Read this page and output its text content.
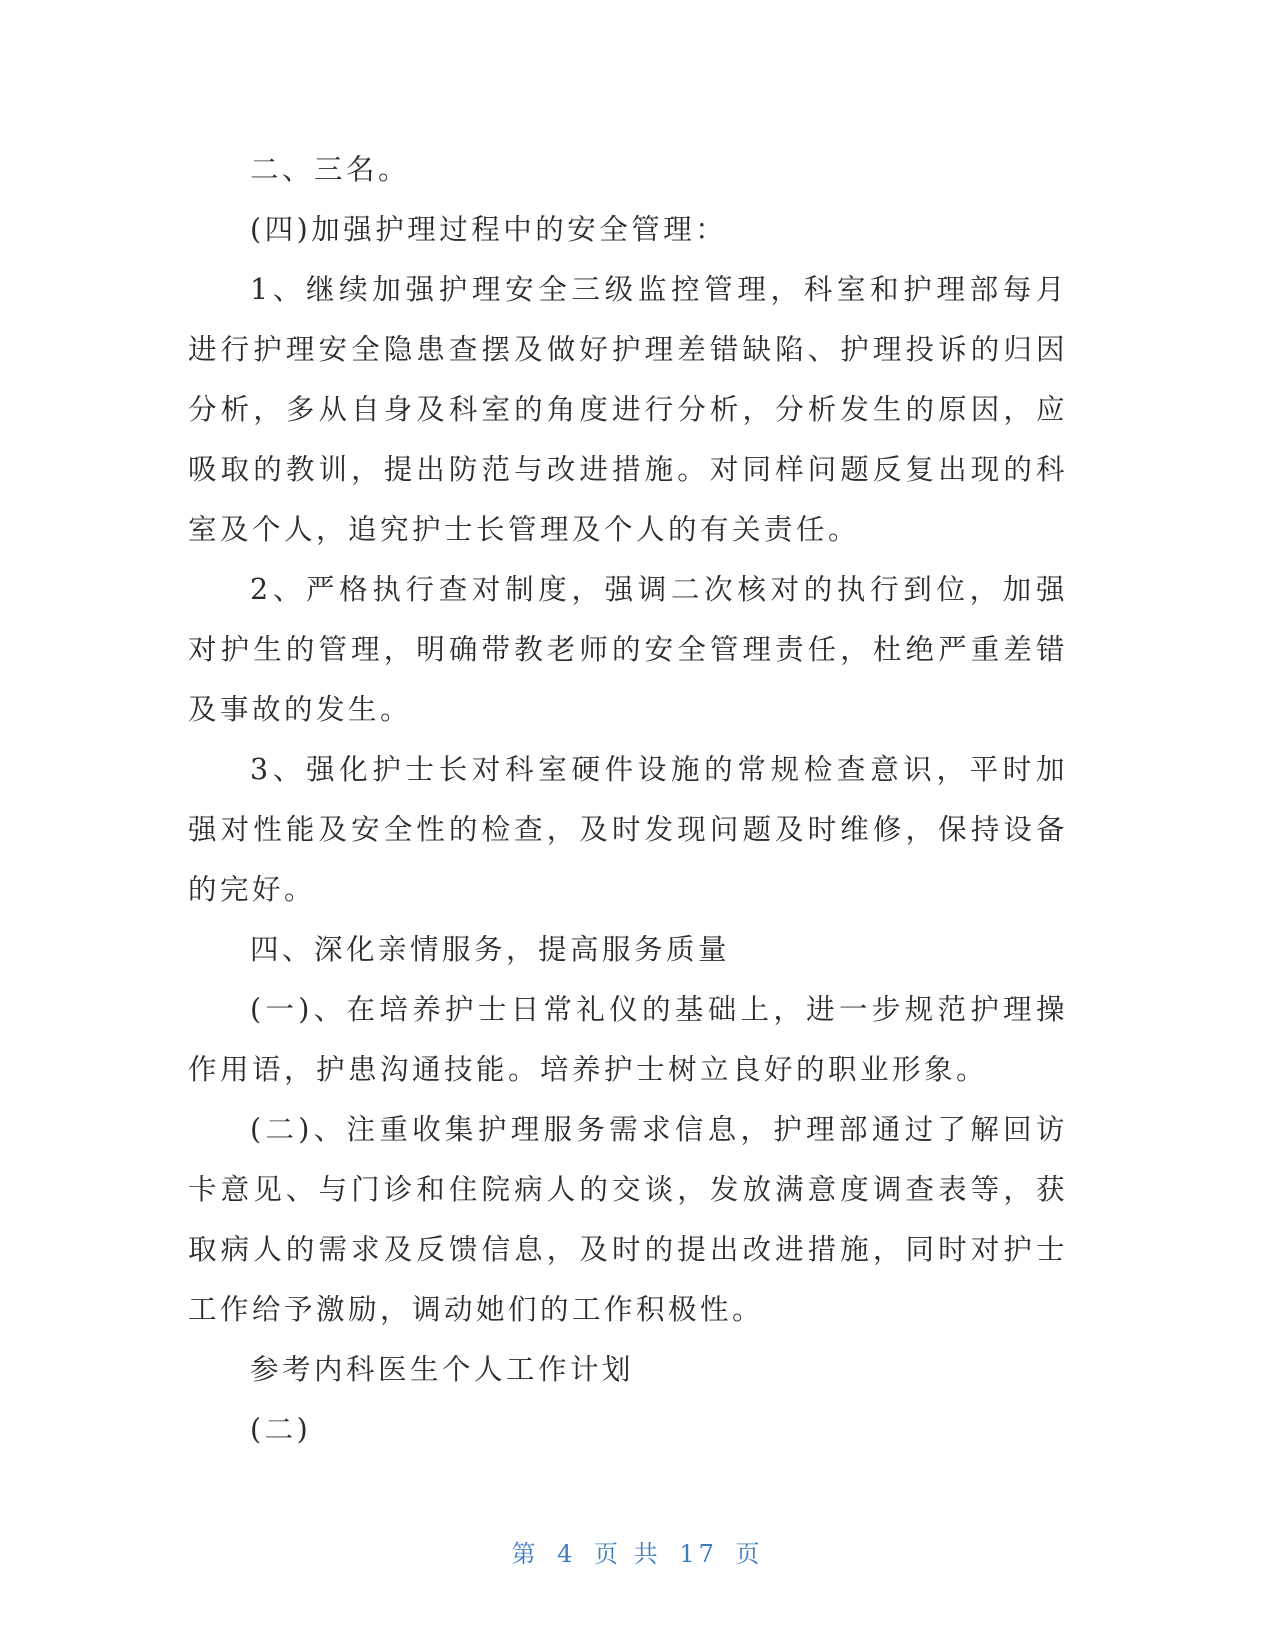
二、三名。

(四)加强护理过程中的安全管理：

1、继续加强护理安全三级监控管理，科室和护理部每月进行护理安全隐患查摆及做好护理差错缺陷、护理投诉的归因分析，多从自身及科室的角度进行分析，分析发生的原因，应吸取的教训，提出防范与改进措施。对同样问题反复出现的科室及个人，追究护士长管理及个人的有关责任。

2、严格执行查对制度，强调二次核对的执行到位，加强对护生的管理，明确带教老师的安全管理责任，杜绝严重差错及事故的发生。

3、强化护士长对科室硬件设施的常规检查意识，平时加强对性能及安全性的检查，及时发现问题及时维修，保持设备的完好。

四、深化亲情服务，提高服务质量

(一)、在培养护士日常礼仪的基础上，进一步规范护理操作用语，护患沟通技能。培养护士树立良好的职业形象。

(二)、注重收集护理服务需求信息，护理部通过了解回访卡意见、与门诊和住院病人的交谈，发放满意度调查表等，获取病人的需求及反馈信息，及时的提出改进措施，同时对护士工作给予激励，调动她们的工作积极性。

参考内科医生个人工作计划

(二)

第 4 页 共 17 页
